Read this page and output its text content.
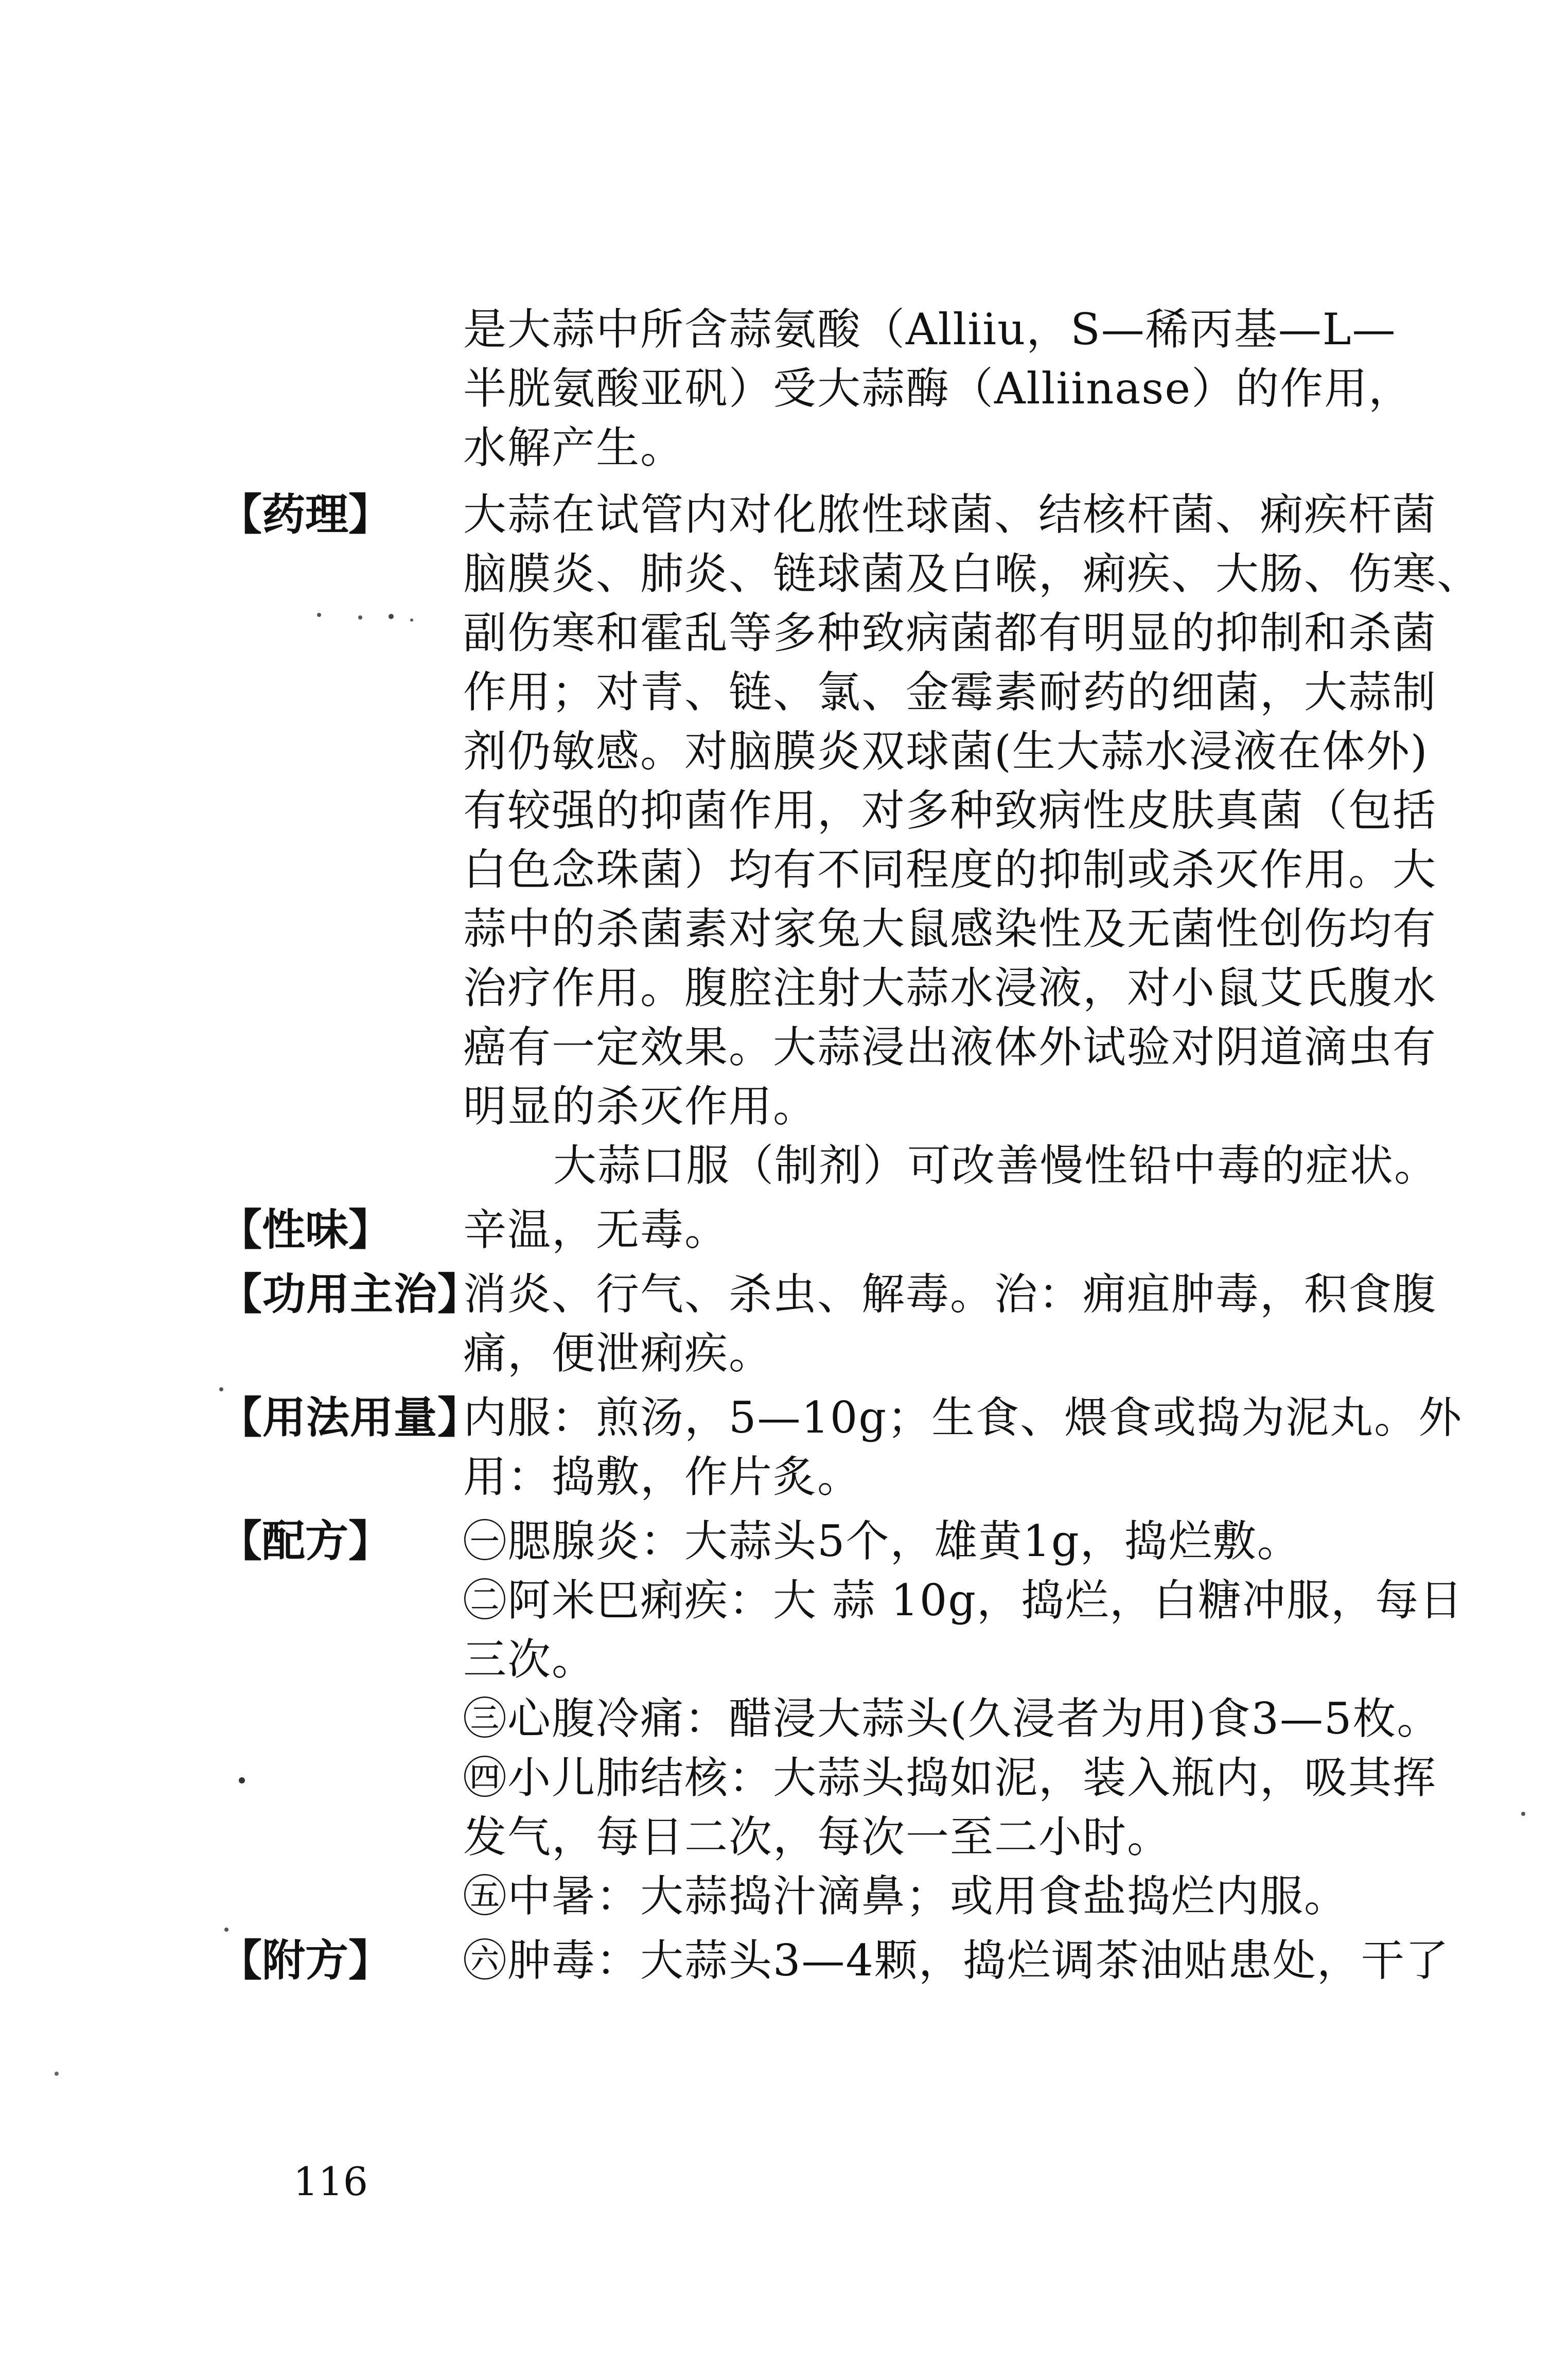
是大蒜中所含蒜氨酸（Alliiu，S—稀丙基—L—
半胱氨酸亚矾）受大蒜酶（Alliinase）的作用，
水解产生。
【药 理】 大蒜在试管内对化脓性球菌、结核杆菌、痢疾杆菌
脑膜炎、肺炎、链球菌及白喉，痢疾、大肠、伤寒、
副伤寒和霍乱等多种致病菌都有明显的抑制和杀菌
作用；对青、链、氯、金霉素耐药的细菌，大蒜制
剂仍敏感。对脑膜炎双球菌(生大蒜水浸液在体外)
有较强的抑菌作用，对多种致病性皮肤真菌（包括
白色念珠菌）均有不同程度的抑制或杀灭作用。大
蒜中的杀菌素对家兔大鼠感染性及无菌性创伤均有
治疗作用。腹腔注射大蒜水浸液，对小鼠艾氏腹水
癌有一定效果。大蒜浸出液体外试验对阴道滴虫有
明显的杀灭作用。
大蒜口服（制剂）可改善慢性铅中毒的症状。
【性 味】 辛温，无毒。
【功用主治】
消炎、行气、杀虫、解毒。治：痈疽肿毒，积食腹
痛，便泄痢疾。
【用法用量】
内服：煎汤，5—10g；生食、煨食或捣为泥丸。外
用：捣敷，作片炙。
【配 方】 ㊀腮腺炎：大蒜头5个，雄黄1g，捣烂敷。
㊁阿米巴痢疾：大 蒜 10g，捣烂，白糖冲服，每日
三次。
㊂心腹冷痛：醋浸大蒜头(久浸者为用)食3—5枚。
㊃小儿肺结核：大蒜头捣如泥，装入瓶内，吸其挥
发气，每日二次，每次一至二小时。
㊄中暑：大蒜捣汁滴鼻；或用食盐捣烂内服。
【附 方】 ㊅肿毒：大蒜头3—4颗，捣烂调茶油贴患处，干了
116
